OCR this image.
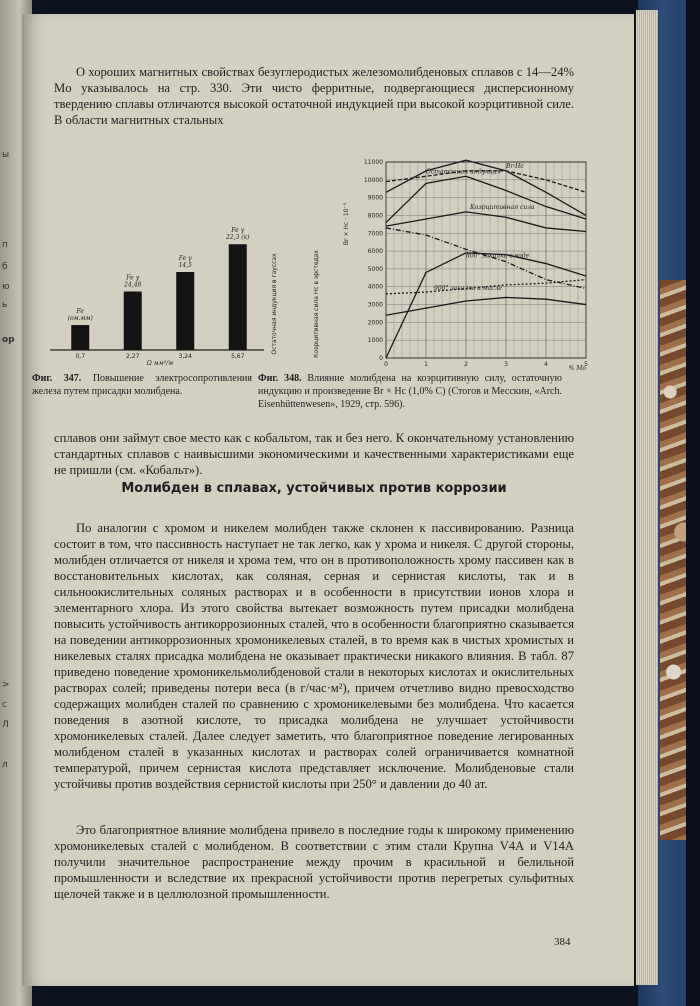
ы
п
б
ю
ь
ор
>
с
Л
л

О хороших магнитных свойствах безуглеродистых железомолибденовых сплавов с 14—24% Mo указывалось на стр. 330. Эти чисто ферритные, подвергающиеся дисперсионному твердению сплавы отличаются высокой остаточной индукцией при высокой коэрцитивной силе. В области магнитных стальных

Fe (ом.мм)
0,7
Fe γ 24,48
2,27
Fe γ 14,5
3,24
Fe γ 22,3 (к)
5,67
Ω мм²/м
0
1000
2000
3000
4000
5000
6000
7000
8000
9000
10000
11000
0	1	2	3	4	5
Br·Hc
Остаточная индукция
Коэрцитивная сила
800° закалка в воде
900° закалка в масле
% Mo
Остаточная индукция в гауссах	Коэрцитивная сила Hc в эрстедах
Br × Hc · 10⁻³

Фиг. 347. Повышение электросопротивления железа путем присадки молибдена.

Фиг. 348. Влияние молибдена на коэрцитивную силу, остаточную индукцию и произведение Br × Hc (1,0% C) (Стогов и Месскин, «Arch. Eisenhüttenwesen», 1929, стр. 596).

сплавов они займут свое место как с кобальтом, так и без него. К окончательному установлению стандартных сплавов с наивысшими экономическими и качественными характеристиками еще не пришли (см. «Кобальт»).

Молибден в сплавах, устойчивых против коррозии

По аналогии с хромом и никелем молибден также склонен к пассивированию. Разница состоит в том, что пассивность наступает не так легко, как у хрома и никеля. С другой стороны, молибден отличается от никеля и хрома тем, что он в противоположность хрому пассивен как в восстановительных кислотах, как соляная, серная и сернистая кислоты, так и в сильноокислительных соляных растворах и в особенности в присутствии ионов хлора и элементарного хлора. Из этого свойства вытекает возможность путем присадки молибдена повысить устойчивость антикоррозионных сталей, что в особенности благоприятно сказывается на поведении антикоррозионных хромоникелевых сталей, в то время как в чистых хромистых и никелевых сталях присадка молибдена не оказывает практически никакого влияния. В табл. 87 приведено поведение хромоникельмолибденовой стали в некоторых кислотах и окислительных растворах солей; приведены потери веса (в г/час·м²), причем отчетливо видно превосходство содержащих молибден сталей по сравнению с хромоникелевыми без молибдена. Что касается поведения в азотной кислоте, то присадка молибдена не улучшает устойчивости хромоникелевых сталей. Далее следует заметить, что благоприятное поведение легированных молибденом сталей в указанных кислотах и растворах солей ограничивается комнатной температурой, причем сернистая кислота представляет исключение. Молибденовые стали устойчивы против воздействия сернистой кислоты при 250° и давлении до 40 ат.

Это благоприятное влияние молибдена привело в последние годы к широкому применению хромоникелевых сталей с молибденом. В соответствии с этим стали Крупна V4A и V14A получили значительное распространение между прочим в красильной и белильной промышленности и вследствие их прекрасной устойчивости против перегретых сульфитных щелочей также и в целлюлозной промышленности.

384
